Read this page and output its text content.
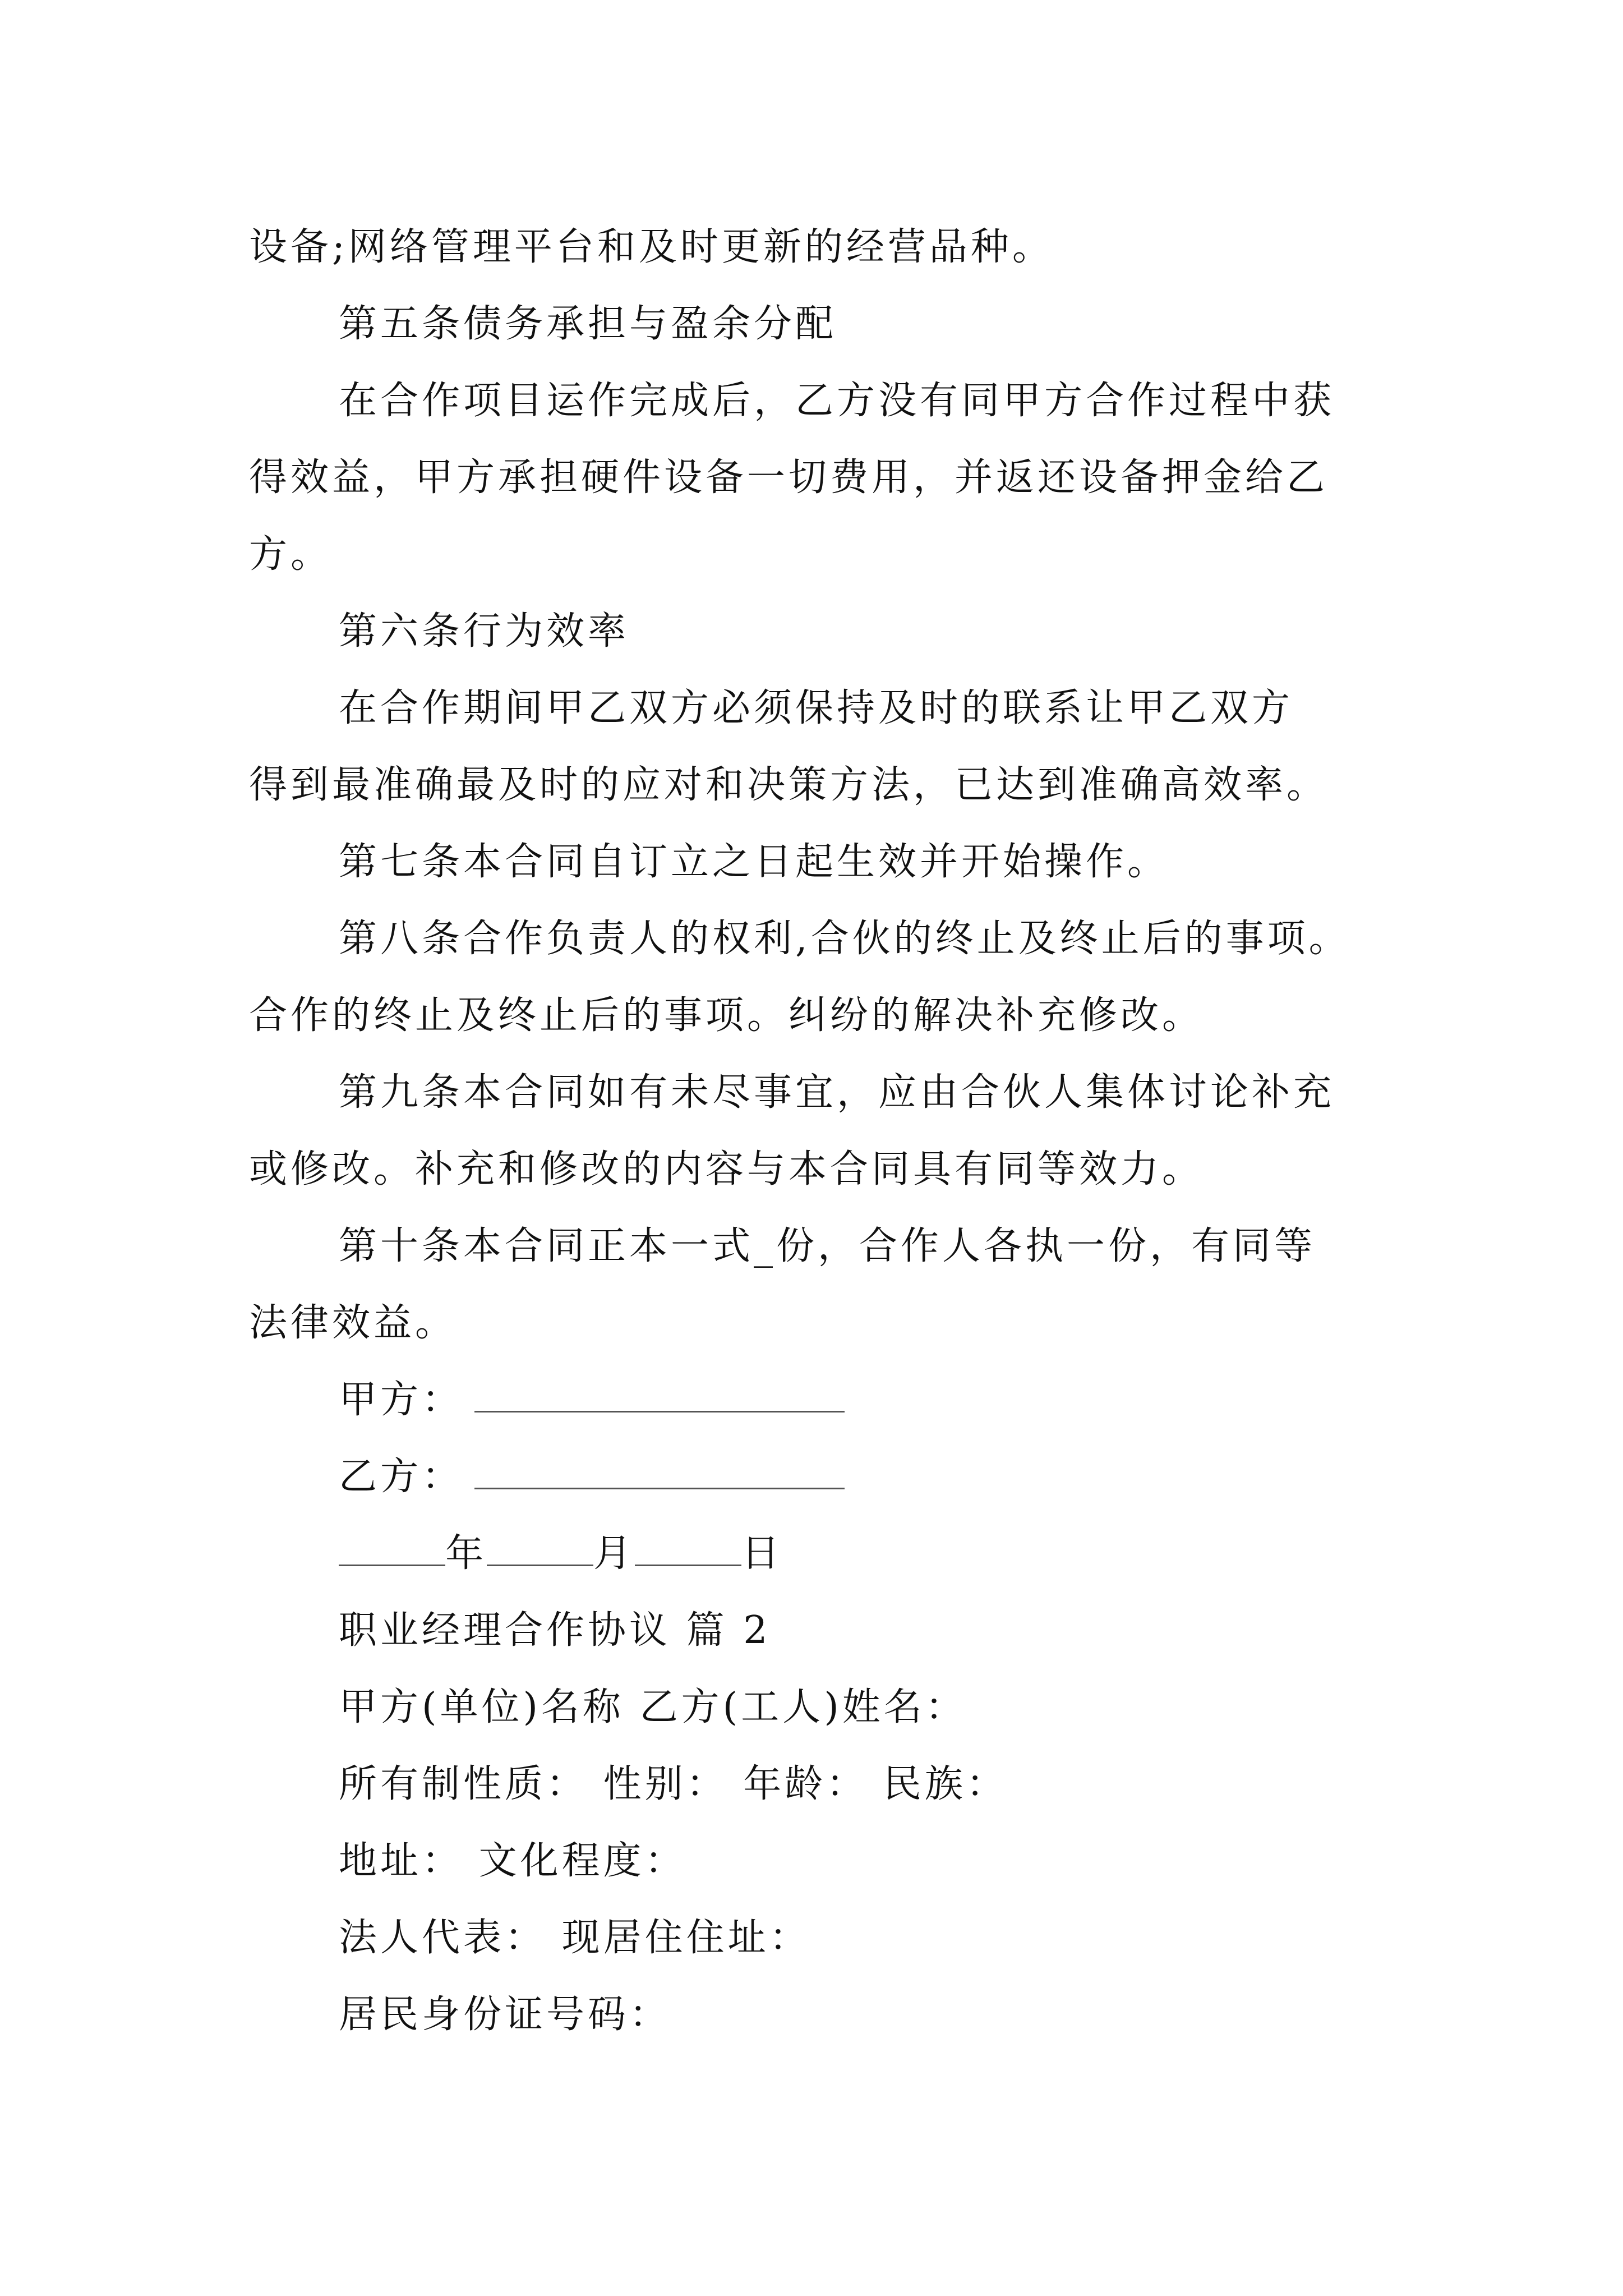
设备;网络管理平台和及时更新的经营品种。

第五条债务承担与盈余分配

在合作项目运作完成后，乙方没有同甲方合作过程中获

得效益，甲方承担硬件设备一切费用，并返还设备押金给乙

方。

第六条行为效率

在合作期间甲乙双方必须保持及时的联系让甲乙双方

得到最准确最及时的应对和决策方法，已达到准确高效率。

第七条本合同自订立之日起生效并开始操作。

第八条合作负责人的权利,合伙的终止及终止后的事项。

合作的终止及终止后的事项。纠纷的解决补充修改。

第九条本合同如有未尽事宜，应由合伙人集体讨论补充

或修改。补充和修改的内容与本合同具有同等效力。

第十条本合同正本一式_份，合作人各执一份，有同等

法律效益。

甲方：

乙方：

年	月	日

职业经理合作协议 篇 2

甲方(单位)名称 乙方(工人)姓名：

所有制性质： 性别： 年龄： 民族：

地址： 文化程度：

法人代表： 现居住住址：

居民身份证号码：
